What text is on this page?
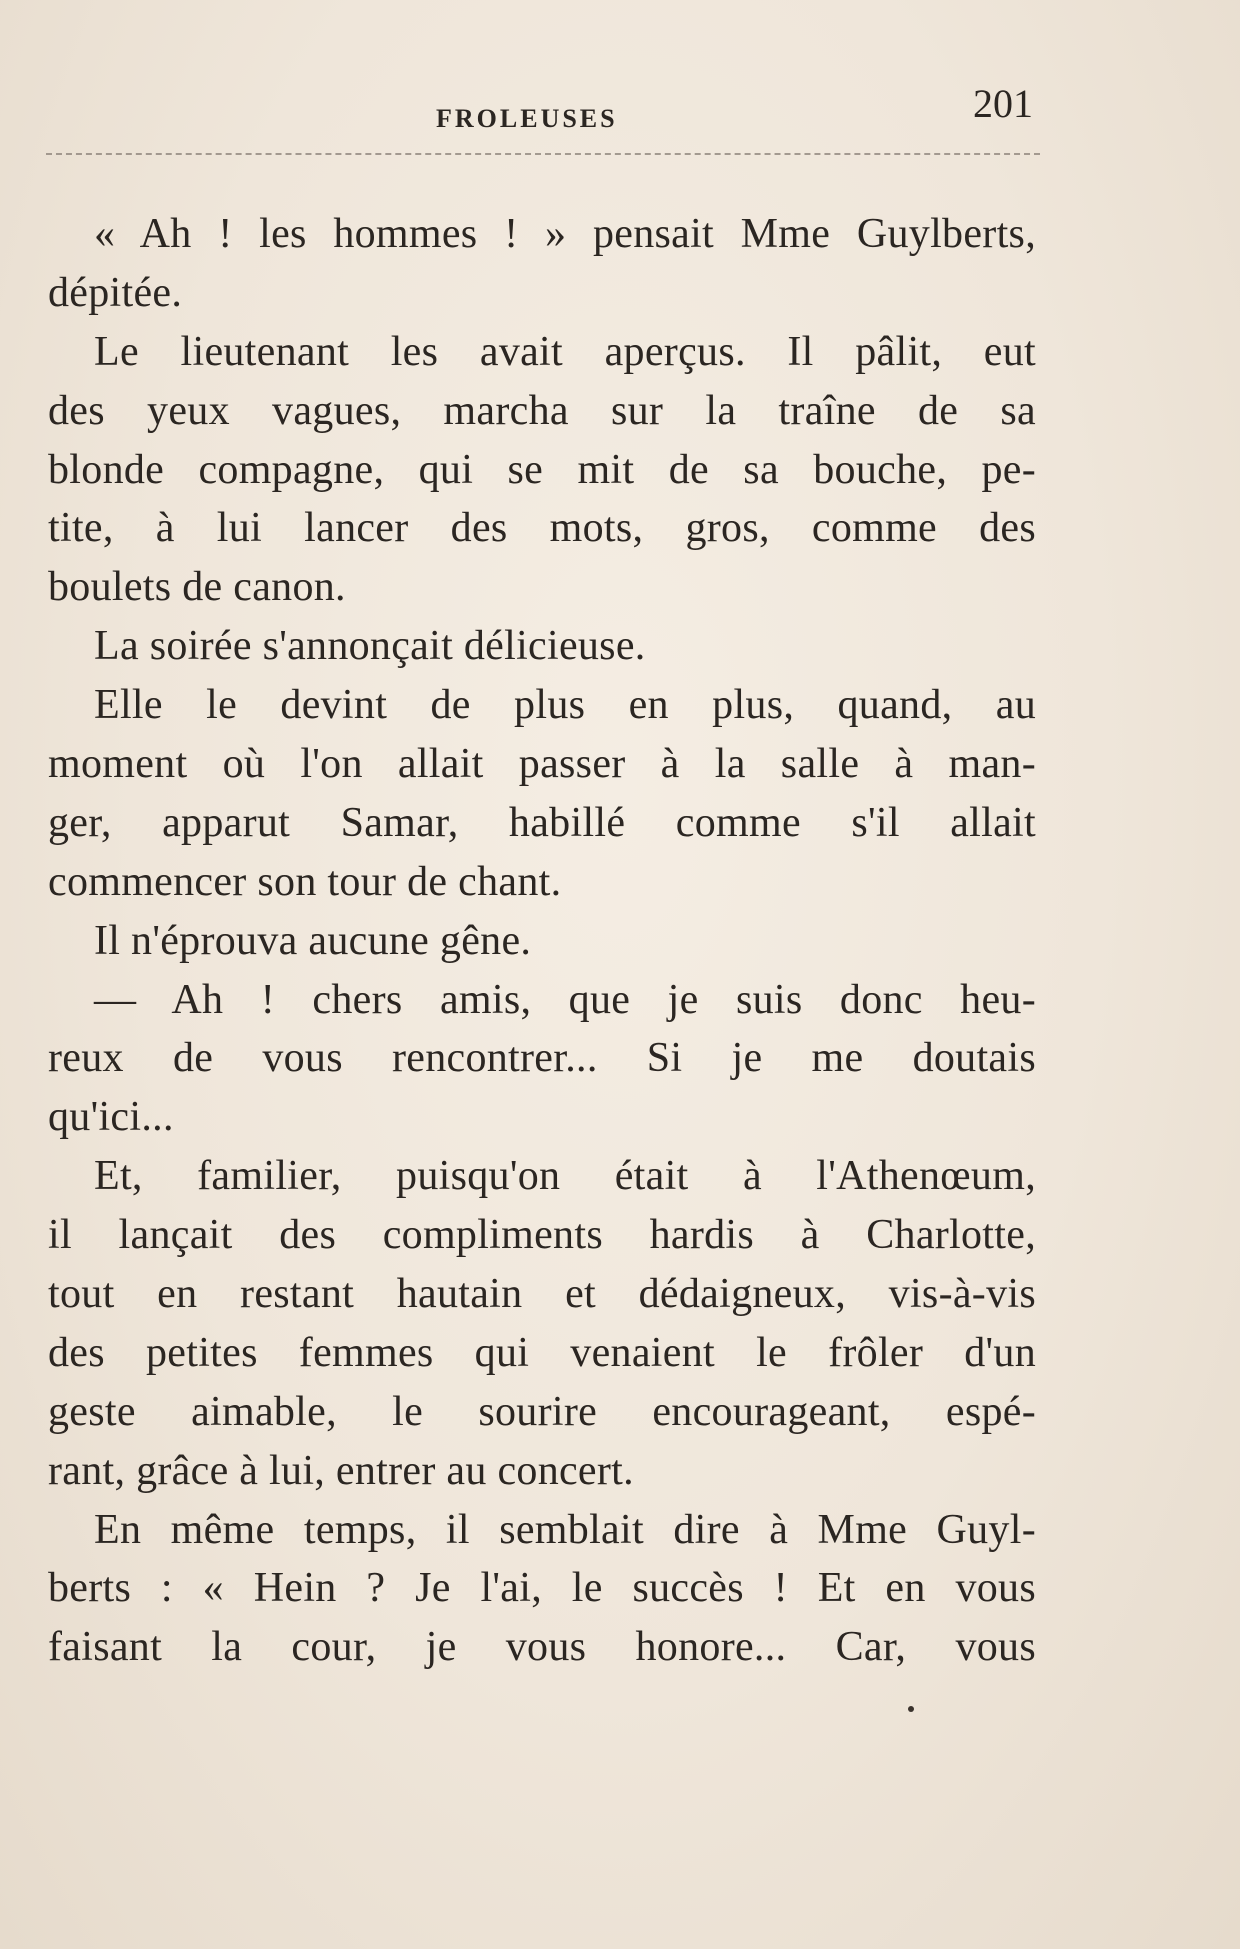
FROLEUSES	201
« Ah ! les hommes ! » pensait Mme Guylberts,
dépitée.
Le lieutenant les avait aperçus. Il pâlit, eut
des yeux vagues, marcha sur la traîne de sa
blonde compagne, qui se mit de sa bouche, pe-
tite, à lui lancer des mots, gros, comme des
boulets de canon.
La soirée s'annonçait délicieuse.
Elle le devint de plus en plus, quand, au
moment où l'on allait passer à la salle à man-
ger, apparut Samar, habillé comme s'il allait
commencer son tour de chant.
Il n'éprouva aucune gêne.
— Ah ! chers amis, que je suis donc heu-
reux de vous rencontrer... Si je me doutais
qu'ici...
Et, familier, puisqu'on était à l'Athenœum,
il lançait des compliments hardis à Charlotte,
tout en restant hautain et dédaigneux, vis-à-vis
des petites femmes qui venaient le frôler d'un
geste aimable, le sourire encourageant, espé-
rant, grâce à lui, entrer au concert.
En même temps, il semblait dire à Mme Guyl-
berts : « Hein ? Je l'ai, le succès ! Et en vous
faisant la cour, je vous honore... Car, vous
